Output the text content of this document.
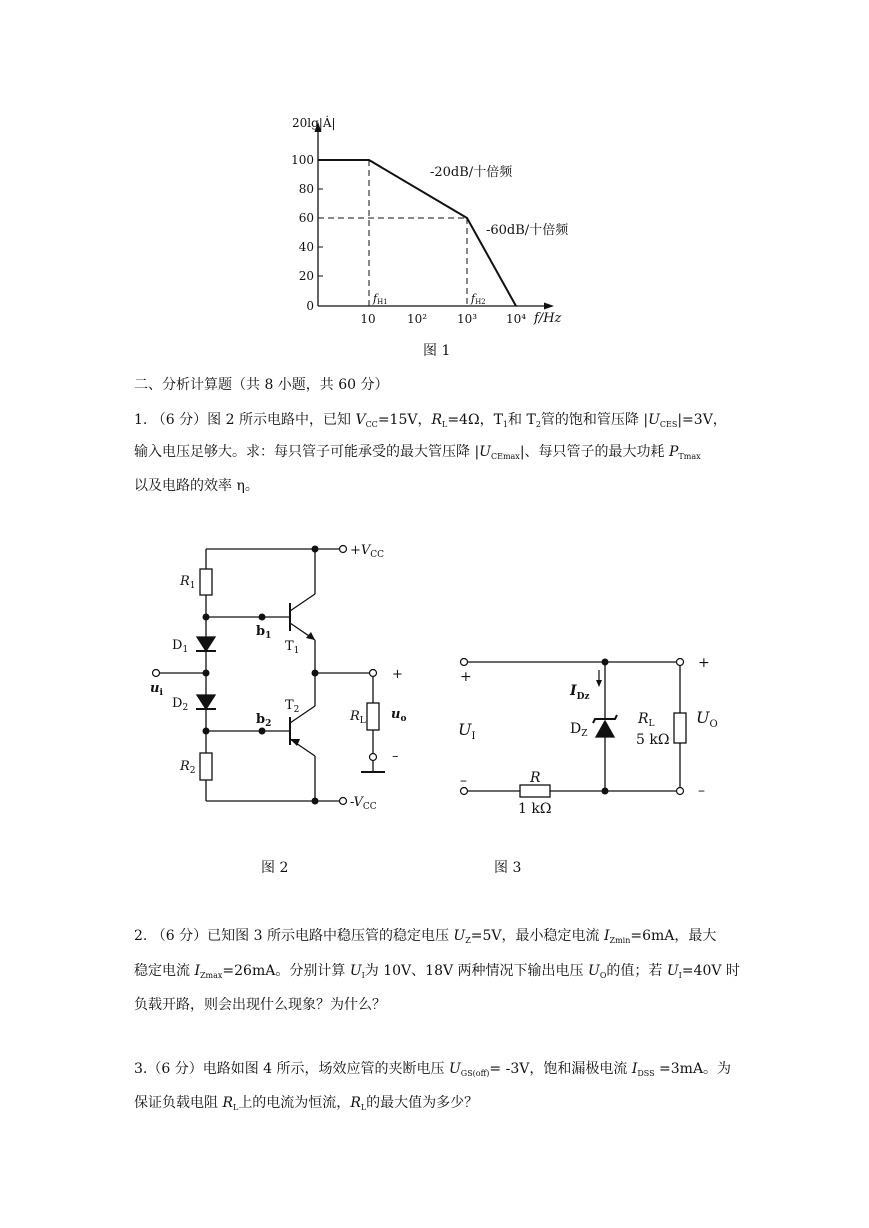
100
80
60
40
20
0
20lg|Ȧ|
10	10² 10³ 10⁴ f/Hz
-20dB/十倍频
-60dB/十倍频
fH1	fH2
图 1
二、分析计算题（共 8 小题，共 60 分）
1. （6 分）图 2 所示电路中，已知 $V_{CC}=15V$，$R_L=4\Omega$，$T_1$和 $T_2$管的饱和管压降 $|U_{CES}|=3V$，
输入电压足够大。求：每只管子可能承受的最大管压降 $|U_{CEmax}|$、每只管子的最大功耗 $P_{Tmax}$
以及电路的效率 η。
$+V_{CC}$
$-V_{CC}$
$R_1$
$R_2$
$D_1$
$D_2$
$b_1$
$b_2$
$T_1$
$T_2$
$u_i$
$R_L$ $u_o$
+
–
图 2
+
–
$U_I$
$I_{Dz}$
$D_Z$
R
1 kΩ
$R_L$
5 kΩ
$U_O$
+
–
图 3
2. （6 分）已知图 3 所示电路中稳压管的稳定电压 $U_Z=5V$，最小稳定电流 $I_{Zmin}=6mA$，最大
稳定电流 $I_{Zmax}=26mA$。分别计算 $U_I$为 10V、18V 两种情况下输出电压 $U_O$的值；若 $U_I=40V$ 时
负载开路，则会出现什么现象？为什么？
3.（6 分）电路如图 4 所示，场效应管的夹断电压 $U_{GS(off)}= -3V$，饱和漏极电流 $I_{DSS} =3mA$。为
保证负载电阻 $R_L$上的电流为恒流，$R_L$的最大值为多少？
